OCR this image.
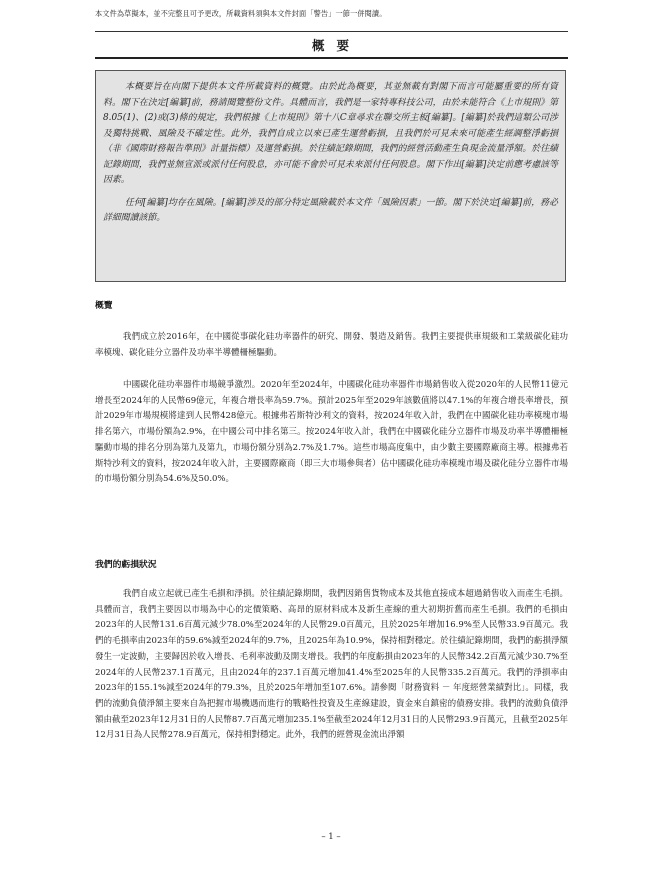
本文件為草擬本，並不完整且可予更改，所載資料須與本文件封面「警告」一節一併閱讀。
概要

本概要旨在向閣下提供本文件所載資料的概覽。由於此為概要，其並無載有對閣下而言可能屬重要的所有資料。閣下在決定[編纂]前，務請閱覽整份文件。具體而言，我們是一家特專科技公司，由於未能符合《上市規則》第8.05(1)、(2)或(3)條的規定，我們根據《上市規則》第十八C章尋求在聯交所主板[編纂]。[編纂]於我們這類公司涉及獨特挑戰、風險及不確定性。此外，我們自成立以來已產生運營虧損，且我們於可見未來可能產生經調整淨虧損（非《國際財務報告準則》計量指標）及運營虧損。於往績記錄期間，我們的經營活動產生負現金流量淨額。於往績記錄期間，我們並無宣派或派付任何股息，亦可能不會於可見未來派付任何股息。閣下作出[編纂]決定前應考慮該等因素。

任何[編纂]均存在風險。[編纂]涉及的部分特定風險載於本文件「風險因素」一節。閣下於決定[編纂]前，務必詳細閱讀該節。

概覽

我們成立於2016年，在中國從事碳化硅功率器件的研究、開發、製造及銷售。我們主要提供車規級和工業級碳化硅功率模塊、碳化硅分立器件及功率半導體柵極驅動。

中國碳化硅功率器件市場競爭激烈。2020年至2024年，中國碳化硅功率器件市場銷售收入從2020年的人民幣11億元增長至2024年的人民幣69億元，年複合增長率為59.7%。預計2025年至2029年該數值將以47.1%的年複合增長率增長，預計2029年市場規模將達到人民幣428億元。根據弗若斯特沙利文的資料，按2024年收入計，我們在中國碳化硅功率模塊市場排名第六，市場份額為2.9%，在中國公司中排名第三。按2024年收入計，我們在中國碳化硅分立器件市場及功率半導體柵極驅動市場的排名分別為第九及第九，市場份額分別為2.7%及1.7%。這些市場高度集中，由少數主要國際廠商主導。根據弗若斯特沙利文的資料，按2024年收入計，主要國際廠商（即三大市場參與者）佔中國碳化硅功率模塊市場及碳化硅分立器件市場的市場份額分別為54.6%及50.0%。

我們的虧損狀況

我們自成立起就已產生毛損和淨損。於往績記錄期間，我們因銷售貨物成本及其他直接成本超過銷售收入而產生毛損。具體而言，我們主要因以市場為中心的定價策略、高昂的原材料成本及新生產線的重大初期折舊而產生毛損。我們的毛損由2023年的人民幣131.6百萬元減少78.0%至2024年的人民幣29.0百萬元，且於2025年增加16.9%至人民幣33.9百萬元。我們的毛損率由2023年的59.6%減至2024年的9.7%，且2025年為10.9%，保持相對穩定。於往績記錄期間，我們的虧損淨額發生一定波動，主要歸因於收入增長、毛利率波動及開支增長。我們的年度虧損由2023年的人民幣342.2百萬元減少30.7%至2024年的人民幣237.1百萬元，且由2024年的237.1百萬元增加41.4%至2025年的人民幣335.2百萬元。我們的淨損率由2023年的155.1%減至2024年的79.3%，且於2025年增加至107.6%。請參閱「財務資料 － 年度經營業績對比」。同樣，我們的流動負債淨額主要來自為把握市場機遇而進行的戰略性投資及生產線建設，資金來自鎮密的債務安排。我們的流動負債淨額由截至2023年12月31日的人民幣87.7百萬元增加235.1%至截至2024年12月31日的人民幣293.9百萬元，且截至2025年12月31日為人民幣278.9百萬元，保持相對穩定。此外，我們的經營現金流出淨額

– 1 –
